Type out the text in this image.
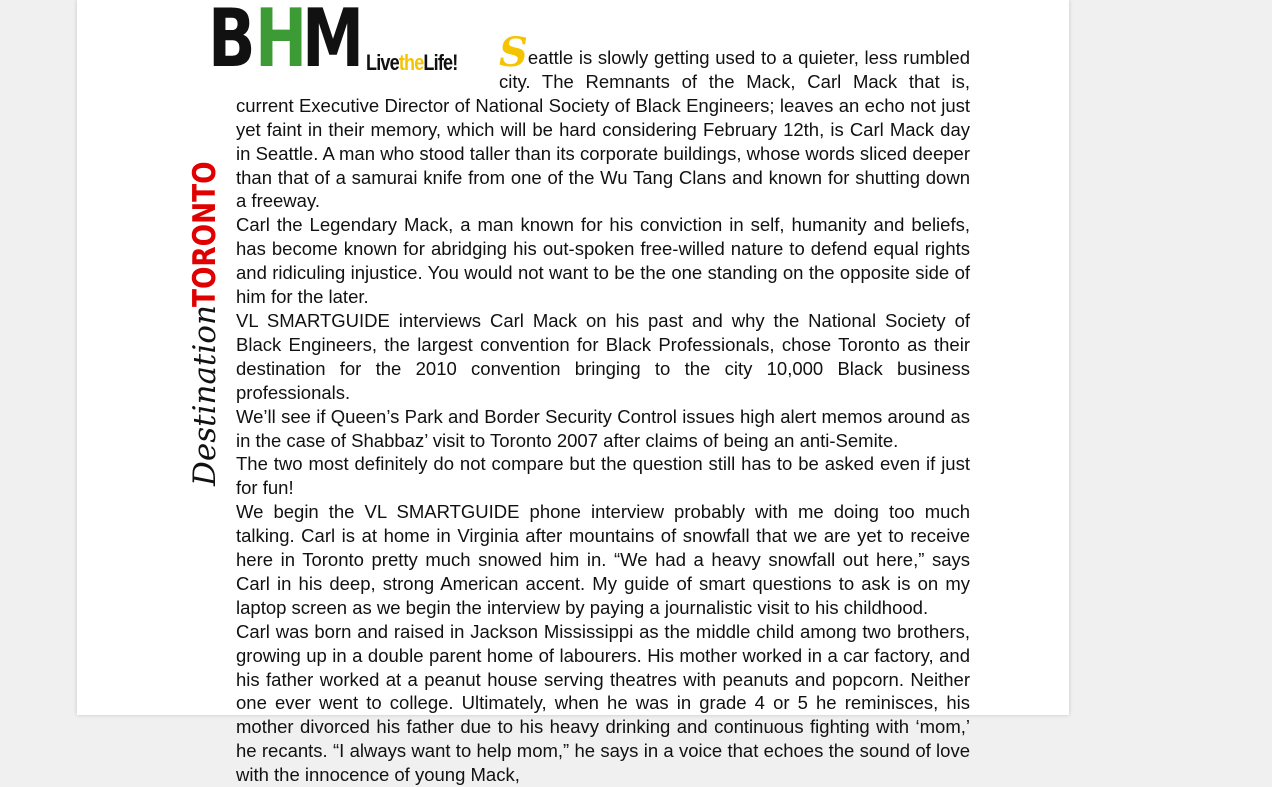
B H
M LivetheLife!
DestinationTORONTO

Seattle is slowly getting used to a quieter, less rumbled city. The Remnants of the Mack, Carl Mack that is, current Executive Director of National Society of Black Engineers; leaves an echo not just yet faint in their memory, which will be hard considering February 12th, is Carl Mack day in Seattle. A man who stood taller than its corporate buildings, whose words sliced deeper than that of a samurai knife from one of the Wu Tang Clans and known for shutting down a freeway.

Carl the Legendary Mack, a man known for his conviction in self, humanity and beliefs, has become known for abridging his out-spoken free-willed nature to defend equal rights and ridiculing injustice. You would not want to be the one standing on the opposite side of him for the later.

VL SMARTGUIDE interviews Carl Mack on his past and why the National Society of Black Engineers, the largest convention for Black Professionals, chose Toronto as their destination for the 2010 convention bringing to the city 10,000 Black business professionals.

We’ll see if Queen’s Park and Border Security Control issues high alert memos around as in the case of Shabbaz’ visit to Toronto 2007 after claims of being an anti-Semite.

The two most definitely do not compare but the question still has to be asked even if just for fun!

We begin the VL SMARTGUIDE phone interview probably with me doing too much talking. Carl is at home in Virginia after mountains of snowfall that we are yet to receive here in Toronto pretty much snowed him in. “We had a heavy snowfall out here,” says Carl in his deep, strong American accent. My guide of smart questions to ask is on my laptop screen as we begin the interview by paying a journalistic visit to his childhood.

Carl was born and raised in Jackson Mississippi as the middle child among two brothers, growing up in a double parent home of labourers. His mother worked in a car factory, and his father worked at a peanut house serving theatres with peanuts and popcorn. Neither one ever went to college. Ultimately, when he was in grade 4 or 5 he reminisces, his mother divorced his father due to his heavy drinking and continuous fighting with ‘mom,’ he recants. “I always want to help mom,” he says in a voice that echoes the sound of love with the innocence of young Mack,
